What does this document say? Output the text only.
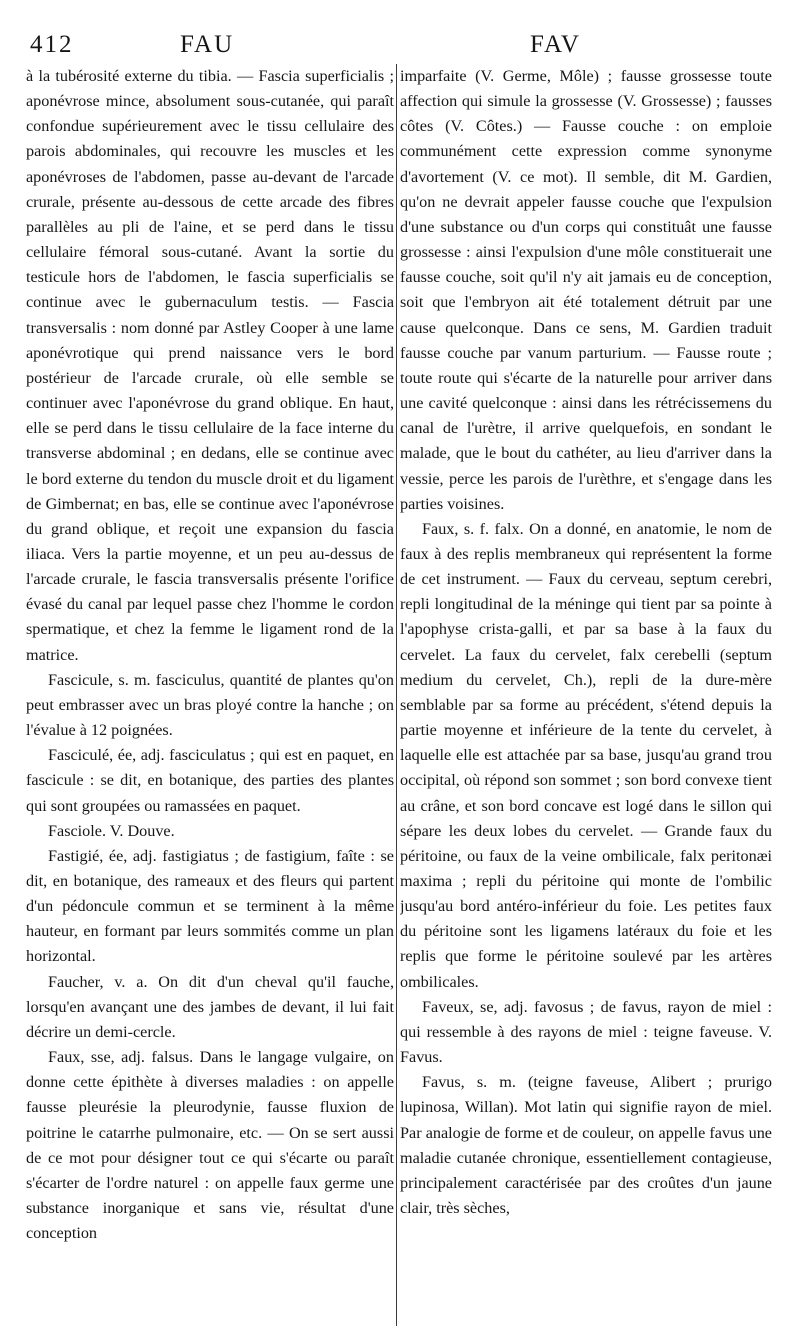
412	FAU	FAV

à la tubérosité externe du tibia. — Fascia superficialis ; aponévrose mince, absolument sous-cutanée, qui paraît confondue supérieurement avec le tissu cellulaire des parois abdominales, qui recouvre les muscles et les aponévroses de l'abdomen, passe au-devant de l'arcade crurale, présente au-dessous de cette arcade des fibres parallèles au pli de l'aine, et se perd dans le tissu cellulaire fémoral sous-cutané. Avant la sortie du testicule hors de l'abdomen, le fascia superficialis se continue avec le gubernaculum testis. — Fascia transversalis : nom donné par Astley Cooper à une lame aponévrotique qui prend naissance vers le bord postérieur de l'arcade crurale, où elle semble se continuer avec l'aponévrose du grand oblique. En haut, elle se perd dans le tissu cellulaire de la face interne du transverse abdominal ; en dedans, elle se continue avec le bord externe du tendon du muscle droit et du ligament de Gimbernat; en bas, elle se continue avec l'aponévrose du grand oblique, et reçoit une expansion du fascia iliaca. Vers la partie moyenne, et un peu au-dessus de l'arcade crurale, le fascia transversalis présente l'orifice évasé du canal par lequel passe chez l'homme le cordon spermatique, et chez la femme le ligament rond de la matrice.

Fascicule, s. m. fasciculus, quantité de plantes qu'on peut embrasser avec un bras ployé contre la hanche ; on l'évalue à 12 poignées.

Fasciculé, ée, adj. fasciculatus ; qui est en paquet, en fascicule : se dit, en botanique, des parties des plantes qui sont groupées ou ramassées en paquet.

Fasciole. V. Douve.

Fastigié, ée, adj. fastigiatus ; de fastigium, faîte : se dit, en botanique, des rameaux et des fleurs qui partent d'un pédoncule commun et se terminent à la même hauteur, en formant par leurs sommités comme un plan horizontal.

Faucher, v. a. On dit d'un cheval qu'il fauche, lorsqu'en avançant une des jambes de devant, il lui fait décrire un demi-cercle.

Faux, sse, adj. falsus. Dans le langage vulgaire, on donne cette épithète à diverses maladies : on appelle fausse pleurésie la pleurodynie, fausse fluxion de poitrine le catarrhe pulmonaire, etc. — On se sert aussi de ce mot pour désigner tout ce qui s'écarte ou paraît s'écarter de l'ordre naturel : on appelle faux germe une substance inorganique et sans vie, résultat d'une conception

imparfaite (V. Germe, Môle) ; fausse grossesse toute affection qui simule la grossesse (V. Grossesse) ; fausses côtes (V. Côtes.) — Fausse couche : on emploie communément cette expression comme synonyme d'avortement (V. ce mot). Il semble, dit M. Gardien, qu'on ne devrait appeler fausse couche que l'expulsion d'une substance ou d'un corps qui constituât une fausse grossesse : ainsi l'expulsion d'une môle constituerait une fausse couche, soit qu'il n'y ait jamais eu de conception, soit que l'embryon ait été totalement détruit par une cause quelconque. Dans ce sens, M. Gardien traduit fausse couche par vanum parturium. — Fausse route ; toute route qui s'écarte de la naturelle pour arriver dans une cavité quelconque : ainsi dans les rétrécissemens du canal de l'urètre, il arrive quelquefois, en sondant le malade, que le bout du cathéter, au lieu d'arriver dans la vessie, perce les parois de l'urèthre, et s'engage dans les parties voisines.

Faux, s. f. falx. On a donné, en anatomie, le nom de faux à des replis membraneux qui représentent la forme de cet instrument. — Faux du cerveau, septum cerebri, repli longitudinal de la méninge qui tient par sa pointe à l'apophyse crista-galli, et par sa base à la faux du cervelet. La faux du cervelet, falx cerebelli (septum medium du cervelet, Ch.), repli de la dure-mère semblable par sa forme au précédent, s'étend depuis la partie moyenne et inférieure de la tente du cervelet, à laquelle elle est attachée par sa base, jusqu'au grand trou occipital, où répond son sommet ; son bord convexe tient au crâne, et son bord concave est logé dans le sillon qui sépare les deux lobes du cervelet. — Grande faux du péritoine, ou faux de la veine ombilicale, falx peritonæi maxima ; repli du péritoine qui monte de l'ombilic jusqu'au bord antéro-inférieur du foie. Les petites faux du péritoine sont les ligamens latéraux du foie et les replis que forme le péritoine soulevé par les artères ombilicales.

Faveux, se, adj. favosus ; de favus, rayon de miel : qui ressemble à des rayons de miel : teigne faveuse. V. Favus.

Favus, s. m. (teigne faveuse, Alibert ; prurigo lupinosa, Willan). Mot latin qui signifie rayon de miel. Par analogie de forme et de couleur, on appelle favus une maladie cutanée chronique, essentiellement contagieuse, principalement caractérisée par des croûtes d'un jaune clair, très sèches,
